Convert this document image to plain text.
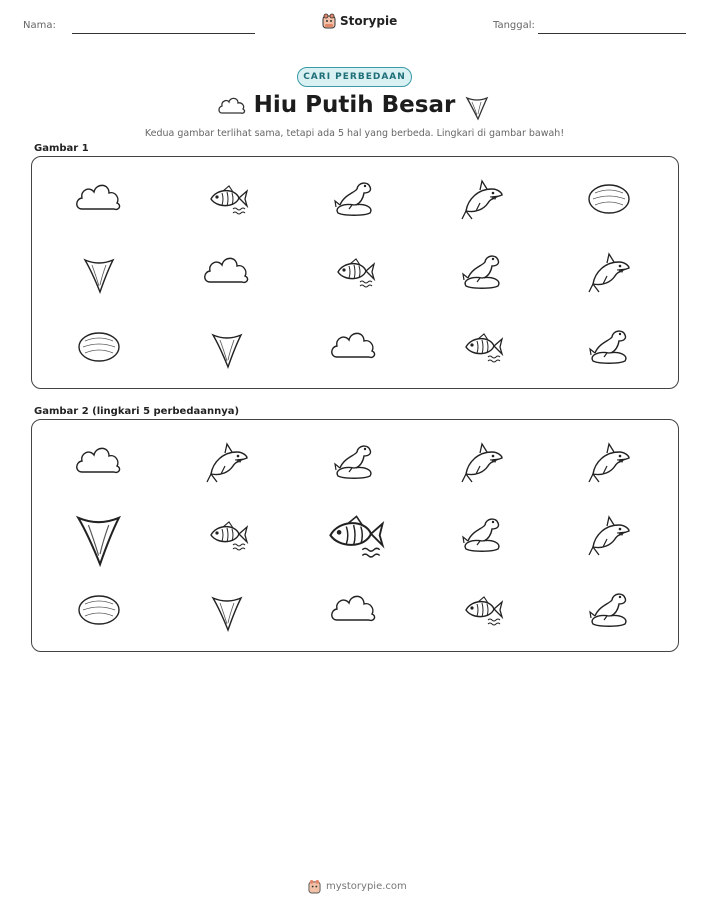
Nama:	Storypie	Tanggal:
CARI PERBEDAAN
Hiu Putih Besar
Kedua gambar terlihat sama, tetapi ada 5 hal yang berbeda. Lingkari di gambar bawah!
Gambar 1
Gambar 2 (lingkari 5 perbedaannya)
mystorypie.com
